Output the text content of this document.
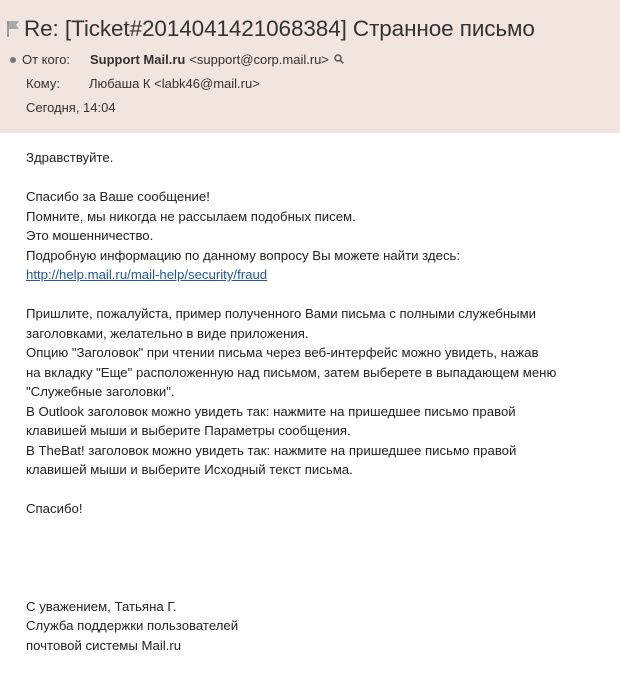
Re: [Ticket#2014041421068384] Странное письмо
От кого:	Support Mail.ru <support@corp.mail.ru>
Кому:	Любаша К <labk46@mail.ru>
Сегодня, 14:04
Здравствуйте.
Спасибо за Ваше сообщение!
Помните, мы никогда не рассылаем подобных писем.
Это мошенничество.
Подробную информацию по данному вопросу Вы можете найти здесь:
http://help.mail.ru/mail-help/security/fraud
Пришлите, пожалуйста, пример полученного Вами письма с полными служебными
заголовками, желательно в виде приложения.
Опцию "Заголовок" при чтении письма через веб-интерфейс можно увидеть, нажав
на вкладку "Еще" расположенную над письмом, затем выберете в выпадающем меню
"Служебные заголовки".
В Outlook заголовок можно увидеть так: нажмите на пришедшее письмо правой
клавишей мыши и выберите Параметры сообщения.
В TheBat! заголовок можно увидеть так: нажмите на пришедшее письмо правой
клавишей мыши и выберите Исходный текст письма.
Спасибо!
С уважением, Татьяна Г.
Служба поддержки пользователей
почтовой системы Mail.ru
